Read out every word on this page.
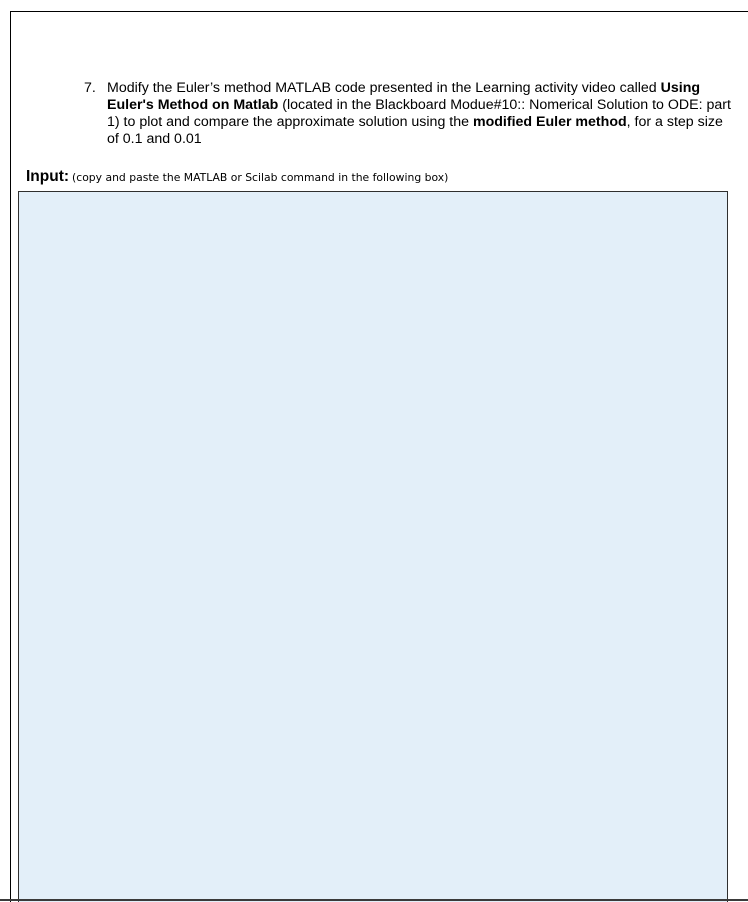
7. Modify the Euler’s method MATLAB code presented in the Learning activity video called Using Euler's Method on Matlab (located in the Blackboard Modue#10:: Nomerical Solution to ODE: part 1) to plot and compare the approximate solution using the modified Euler method, for a step size of 0.1 and 0.01
Input: (copy and paste the MATLAB or Scilab command in the following box)
